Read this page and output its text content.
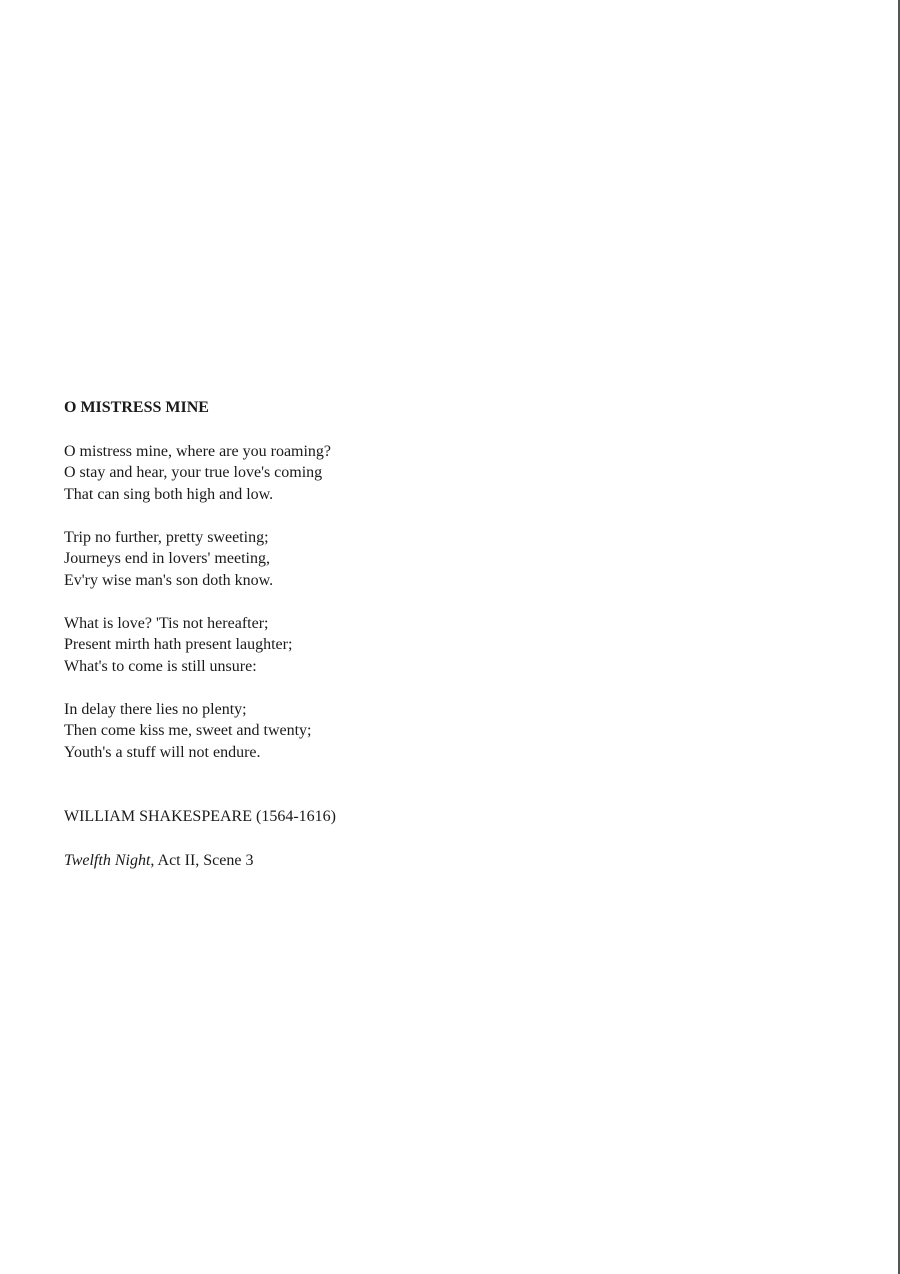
O MISTRESS MINE
O mistress mine, where are you roaming?
O stay and hear, your true love's coming
That can sing both high and low.
Trip no further, pretty sweeting;
Journeys end in lovers' meeting,
Ev'ry wise man's son doth know.
What is love? 'Tis not hereafter;
Present mirth hath present laughter;
What's to come is still unsure:
In delay there lies no plenty;
Then come kiss me, sweet and twenty;
Youth's a stuff will not endure.
WILLIAM SHAKESPEARE (1564-1616)
Twelfth Night, Act II, Scene 3
